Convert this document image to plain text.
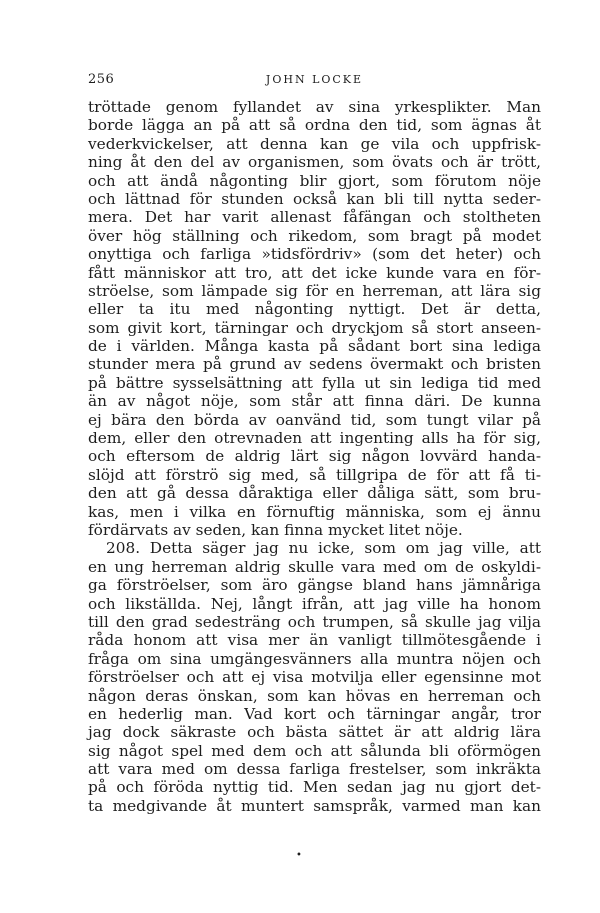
256	JOHN LOCKE
tröttade genom fyllandet av sina yrkesplikter. Man
borde lägga an på att så ordna den tid, som ägnas åt
vederkvickelser, att denna kan ge vila och uppfrisk-
ning åt den del av organismen, som övats och är trött,
och att ändå någonting blir gjort, som förutom nöje
och lättnad för stunden också kan bli till nytta seder-
mera. Det har varit allenast fåfängan och stoltheten
över hög ställning och rikedom, som bragt på modet
onyttiga och farliga »tidsfördriv» (som det heter) och
fått människor att tro, att det icke kunde vara en för-
ströelse, som lämpade sig för en herreman, att lära sig
eller ta itu med någonting nyttigt. Det är detta,
som givit kort, tärningar och dryckjom så stort anseen-
de i världen. Många kasta på sådant bort sina lediga
stunder mera på grund av sedens övermakt och bristen
på bättre sysselsättning att fylla ut sin lediga tid med
än av något nöje, som står att finna däri. De kunna
ej bära den börda av oanvänd tid, som tungt vilar på
dem, eller den otrevnaden att ingenting alls ha för sig,
och eftersom de aldrig lärt sig någon lovvärd handa-
slöjd att förströ sig med, så tillgripa de för att få ti-
den att gå dessa dåraktiga eller dåliga sätt, som bru-
kas, men i vilka en förnuftig människa, som ej ännu
fördärvats av seden, kan finna mycket litet nöje.
208. Detta säger jag nu icke, som om jag ville, att
en ung herreman aldrig skulle vara med om de oskyldi-
ga förströelser, som äro gängse bland hans jämnåriga
och likställda. Nej, långt ifrån, att jag ville ha honom
till den grad sedesträng och trumpen, så skulle jag vilja
råda honom att visa mer än vanligt tillmötesgående i
fråga om sina umgängesvänners alla muntra nöjen och
förströelser och att ej visa motvilja eller egensinne mot
någon deras önskan, som kan hövas en herreman och
en hederlig man. Vad kort och tärningar angår, tror
jag dock säkraste och bästa sättet är att aldrig lära
sig något spel med dem och att sålunda bli oförmögen
att vara med om dessa farliga frestelser, som inkräkta
på och föröda nyttig tid. Men sedan jag nu gjort det-
ta medgivande åt muntert samspråk, varmed man kan
•
